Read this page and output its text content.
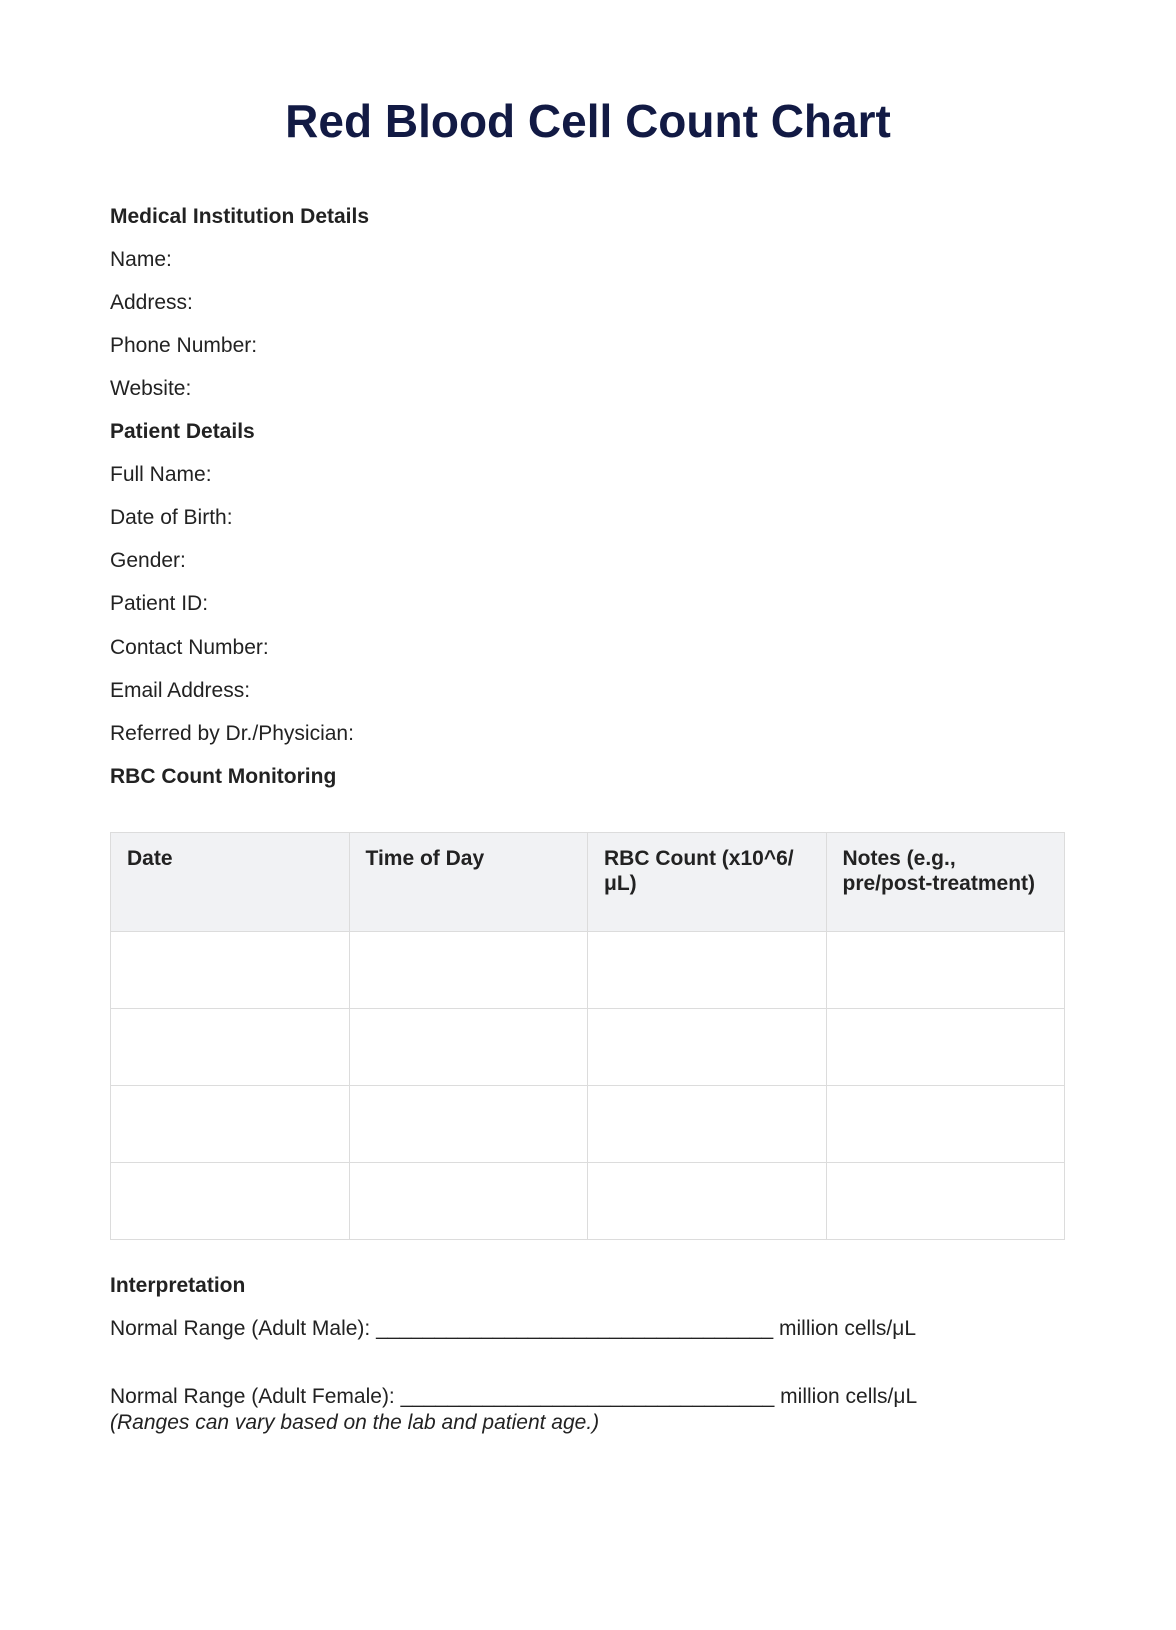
Red Blood Cell Count Chart
Medical Institution Details
Name:
Address:
Phone Number:
Website:
Patient Details
Full Name:
Date of Birth:
Gender:
Patient ID:
Contact Number:
Email Address:
Referred by Dr./Physician:
RBC Count Monitoring
Date	Time of Day	RBC Count (x10^6/ μL)	Notes (e.g., pre/post-treatment)

Interpretation
Normal Range (Adult Male): __________________________________ million cells/μL
Normal Range (Adult Female): ________________________________ million cells/μL
(Ranges can vary based on the lab and patient age.)
